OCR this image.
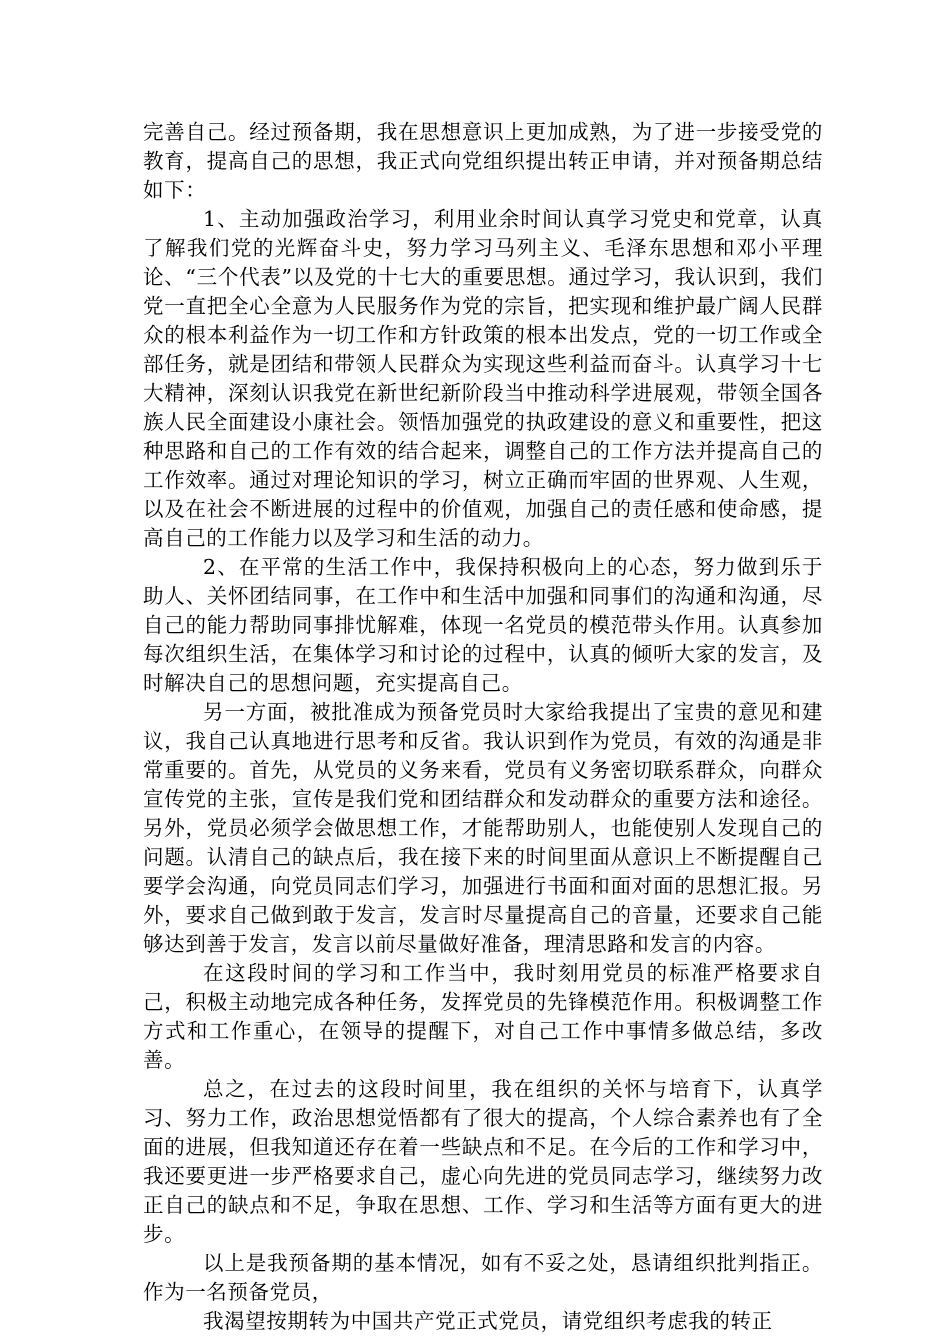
完善自己。经过预备期，我在思想意识上更加成熟，为了进一步接受党的教育，提高自己的思想，我正式向党组织提出转正申请，并对预备期总结如下：

1、主动加强政治学习，利用业余时间认真学习党史和党章，认真了解我们党的光辉奋斗史，努力学习马列主义、毛泽东思想和邓小平理论、“三个代表”以及党的十七大的重要思想。通过学习，我认识到，我们党一直把全心全意为人民服务作为党的宗旨，把实现和维护最广阔人民群众的根本利益作为一切工作和方针政策的根本出发点，党的一切工作或全部任务，就是团结和带领人民群众为实现这些利益而奋斗。认真学习十七大精神，深刻认识我党在新世纪新阶段当中推动科学进展观，带领全国各族人民全面建设小康社会。领悟加强党的执政建设的意义和重要性，把这种思路和自己的工作有效的结合起来，调整自己的工作方法并提高自己的工作效率。通过对理论知识的学习，树立正确而牢固的世界观、人生观，以及在社会不断进展的过程中的价值观，加强自己的责任感和使命感，提高自己的工作能力以及学习和生活的动力。

2、在平常的生活工作中，我保持积极向上的心态，努力做到乐于助人、关怀团结同事，在工作中和生活中加强和同事们的沟通和沟通，尽自己的能力帮助同事排忧解难，体现一名党员的模范带头作用。认真参加每次组织生活，在集体学习和讨论的过程中，认真的倾听大家的发言，及时解决自己的思想问题，充实提高自己。

另一方面，被批准成为预备党员时大家给我提出了宝贵的意见和建议，我自己认真地进行思考和反省。我认识到作为党员，有效的沟通是非常重要的。首先，从党员的义务来看，党员有义务密切联系群众，向群众宣传党的主张，宣传是我们党和团结群众和发动群众的重要方法和途径。另外，党员必须学会做思想工作，才能帮助别人，也能使别人发现自己的问题。认清自己的缺点后，我在接下来的时间里面从意识上不断提醒自己要学会沟通，向党员同志们学习，加强进行书面和面对面的思想汇报。另外，要求自己做到敢于发言，发言时尽量提高自己的音量，还要求自己能够达到善于发言，发言以前尽量做好准备，理清思路和发言的内容。

在这段时间的学习和工作当中，我时刻用党员的标准严格要求自己，积极主动地完成各种任务，发挥党员的先锋模范作用。积极调整工作方式和工作重心，在领导的提醒下，对自己工作中事情多做总结，多改善。

总之，在过去的这段时间里，我在组织的关怀与培育下，认真学习、努力工作，政治思想觉悟都有了很大的提高，个人综合素养也有了全面的进展，但我知道还存在着一些缺点和不足。在今后的工作和学习中，我还要更进一步严格要求自己，虚心向先进的党员同志学习，继续努力改正自己的缺点和不足，争取在思想、工作、学习和生活等方面有更大的进步。

以上是我预备期的基本情况，如有不妥之处，恳请组织批判指正。作为一名预备党员，

我渴望按期转为中国共产党正式党员，请党组织考虑我的转正
